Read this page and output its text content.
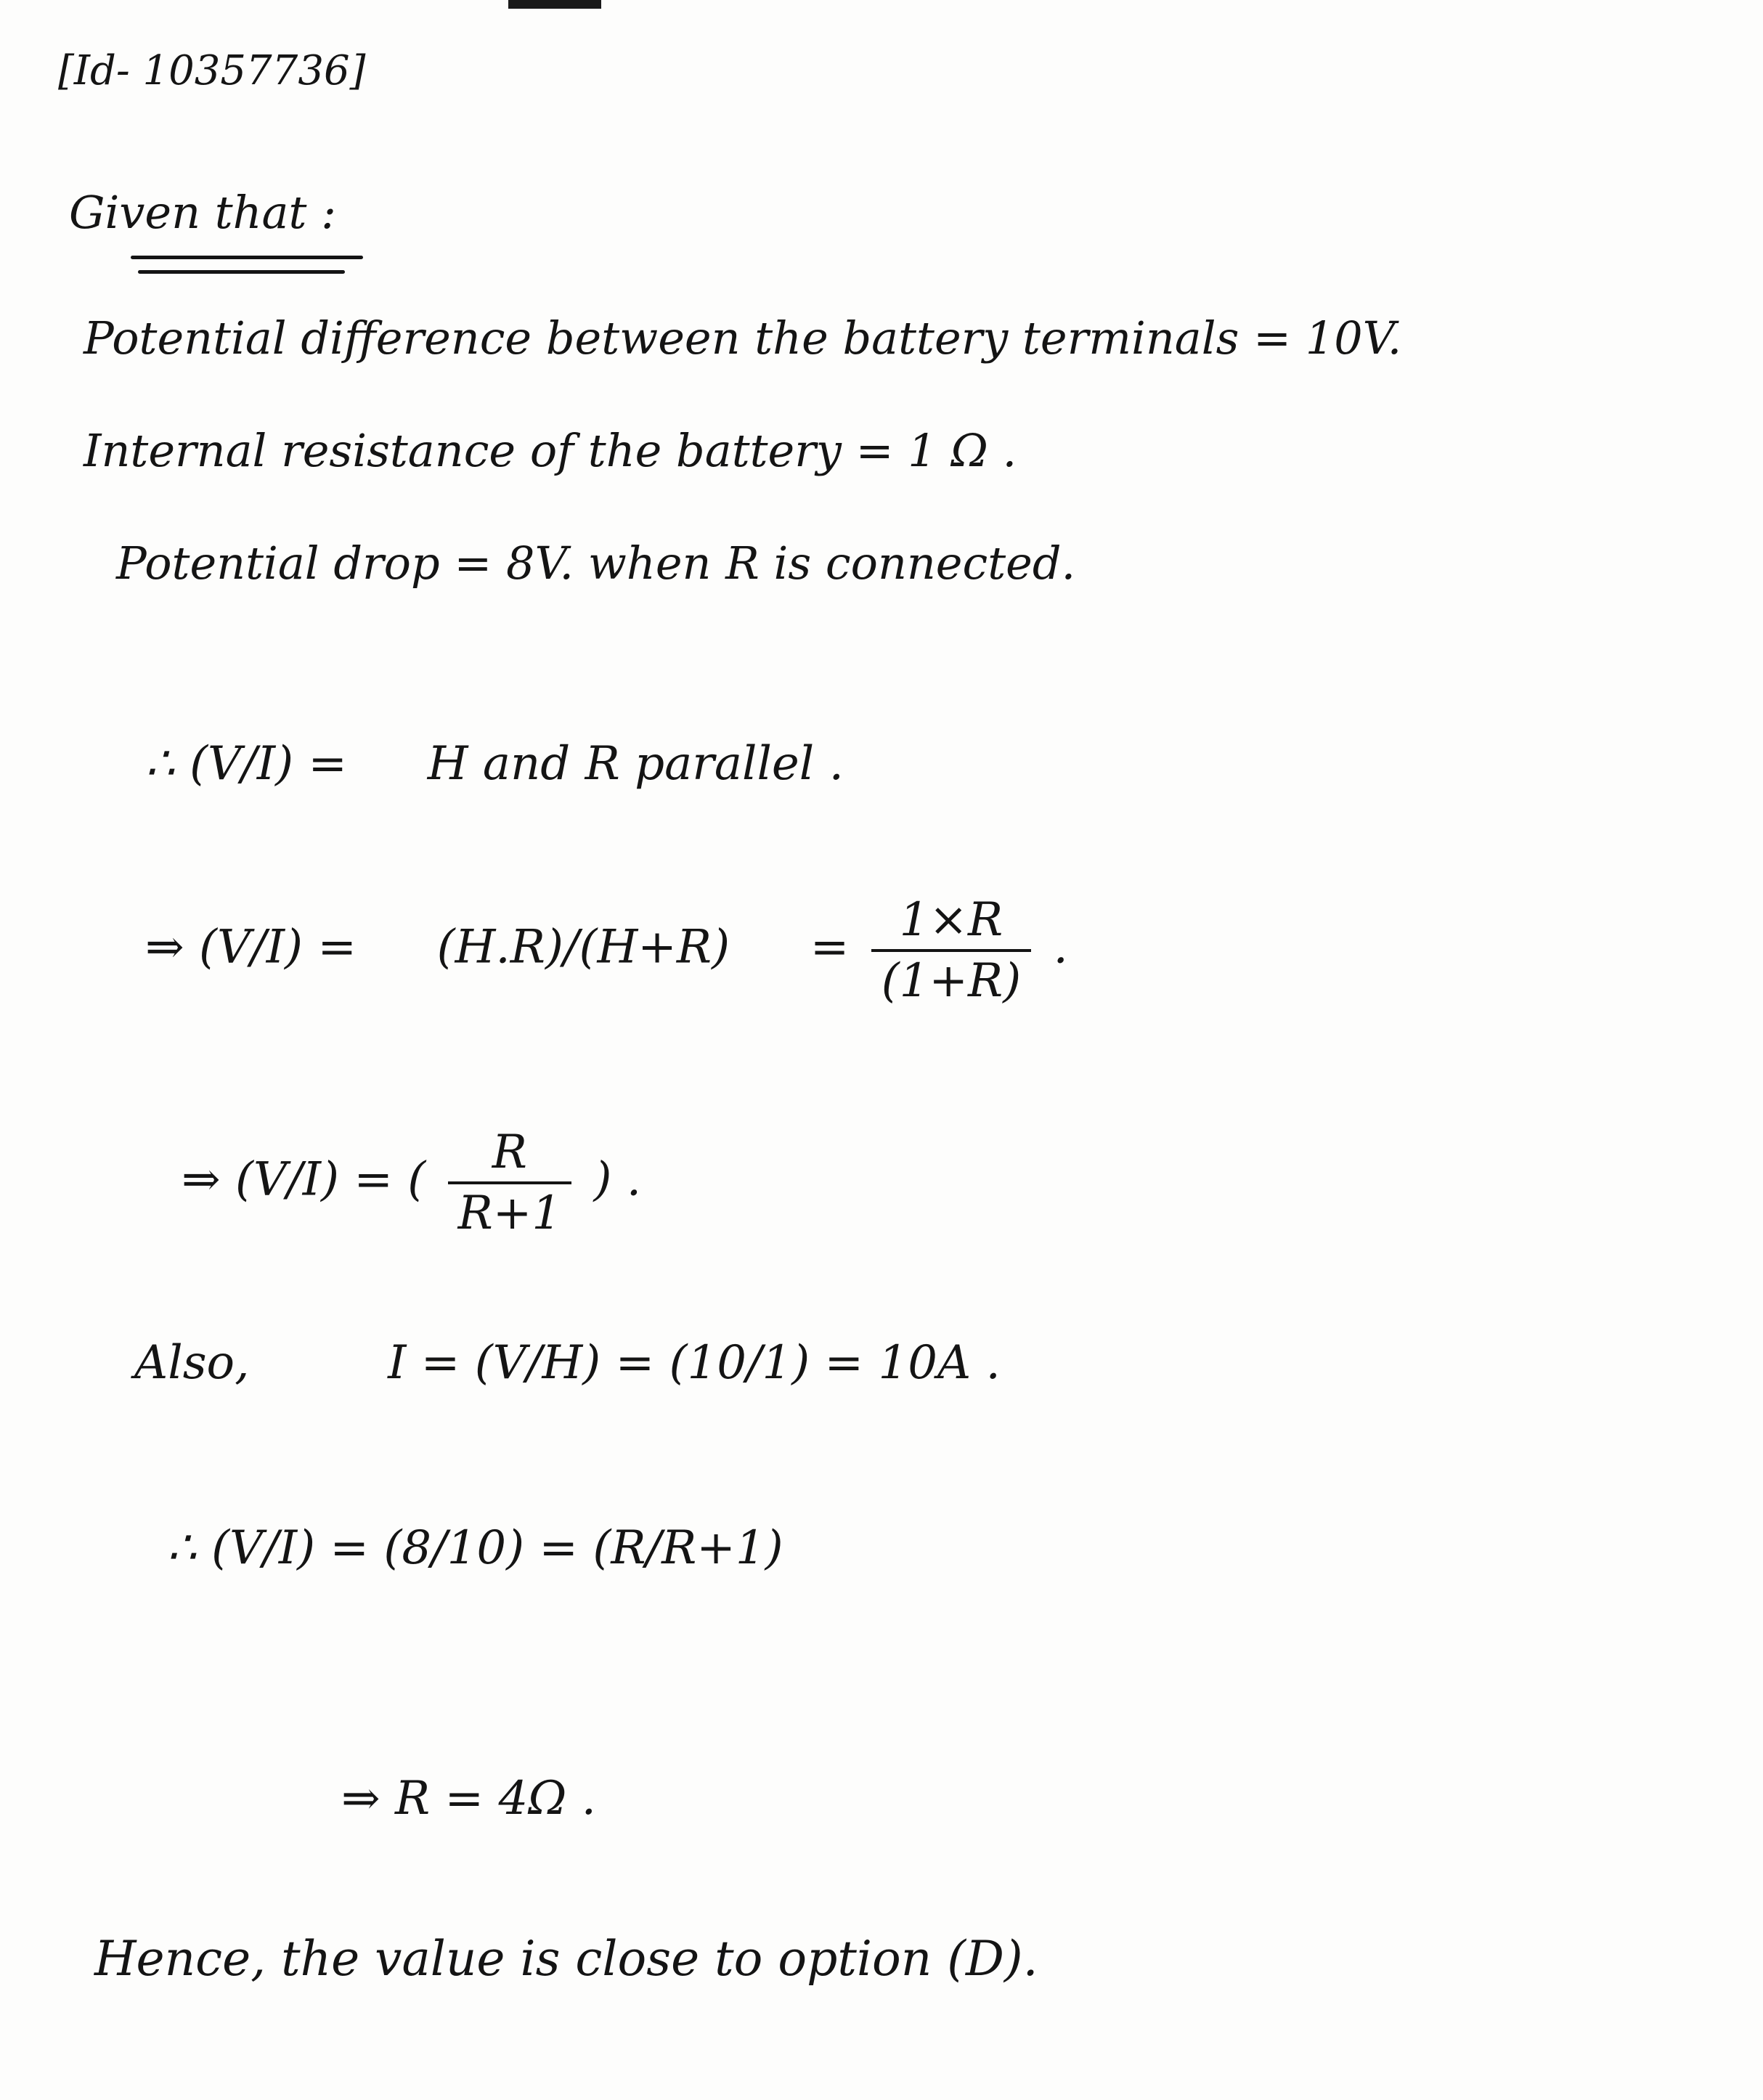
[Id- 10357736]
Given that :
Potential difference between the battery terminals = 10V.
Internal resistance of the battery = 1 Ω .
Potential drop = 8V. when R is connected.
∴ (V/I) = H and R parallel .
⇒ $(V/I) = (H.R)/(H+R) = \frac{1\times R}{(1+R)}$ .
⇒ (V/I) = ( $\frac{R}{R+1}$ ) .
Also,	I = (V/H) = (10/1) = 10A .
∴ (V/I) = (8/10) = (R/R+1)
⇒ R = 4Ω .
Hence, the value is close to option (D).
